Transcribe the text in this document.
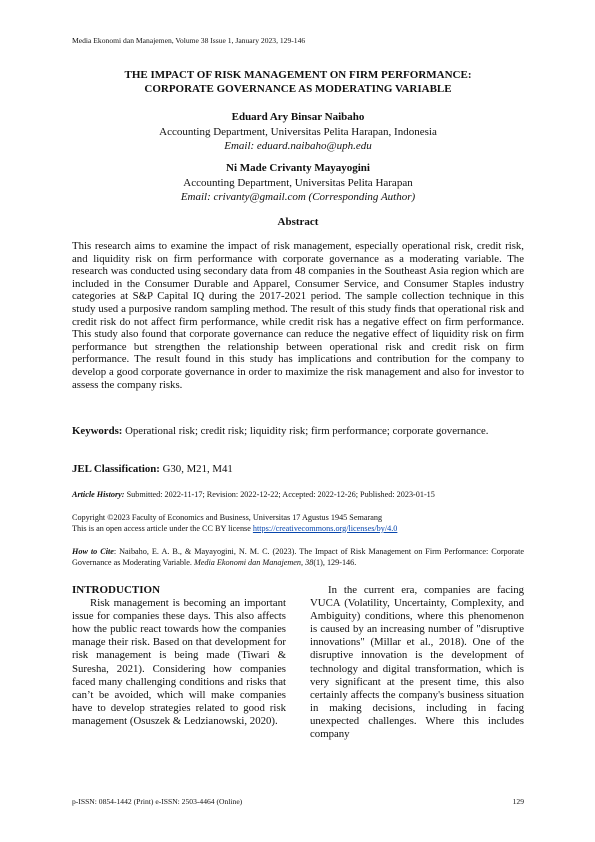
Media Ekonomi dan Manajemen, Volume 38 Issue 1, January 2023, 129-146
THE IMPACT OF RISK MANAGEMENT ON FIRM PERFORMANCE:
CORPORATE GOVERNANCE AS MODERATING VARIABLE
Eduard Ary Binsar Naibaho
Accounting Department, Universitas Pelita Harapan, Indonesia
Email: eduard.naibaho@uph.edu
Ni Made Crivanty Mayayogini
Accounting Department, Universitas Pelita Harapan
Email: crivanty@gmail.com (Corresponding Author)
Abstract
This research aims to examine the impact of risk management, especially operational risk, credit risk, and liquidity risk on firm performance with corporate governance as a moderating variable. The research was conducted using secondary data from 48 companies in the Southeast Asia region which are included in the Consumer Durable and Apparel, Consumer Service, and Consumer Staples industry categories at S&P Capital IQ during the 2017-2021 period. The sample collection technique in this study used a purposive random sampling method. The result of this study finds that operational risk and credit risk do not affect firm performance, while credit risk has a negative effect on firm performance. This study also found that corporate governance can reduce the negative effect of liquidity risk on firm performance but strengthen the relationship between operational risk and credit risk on firm performance. The result found in this study has implications and contribution for the company to develop a good corporate governance in order to maximize the risk management and also for investor to assess the company risks.
Keywords: Operational risk; credit risk; liquidity risk; firm performance; corporate governance.
JEL Classification: G30, M21, M41
Article History: Submitted: 2022-11-17; Revision: 2022-12-22; Accepted: 2022-12-26; Published: 2023-01-15
Copyright ©2023 Faculty of Economics and Business, Universitas 17 Agustus 1945 Semarang
This is an open access article under the CC BY license https://creativecommons.org/licenses/by/4.0
How to Cite: Naibaho, E. A. B., & Mayayogini, N. M. C. (2023). The Impact of Risk Management on Firm Performance: Corporate Governance as Moderating Variable. Media Ekonomi dan Manajemen, 38(1), 129-146.
INTRODUCTION

Risk management is becoming an important issue for companies these days. This also affects how the public react towards how the companies manage their risk. Based on that development for risk management is being made (Tiwari & Suresha, 2021). Considering how companies faced many challenging conditions and risks that can’t be avoided, which will make companies have to develop strategies related to good risk management (Osuszek & Ledzianowski, 2020).

In the current era, companies are facing VUCA (Volatility, Uncertainty, Complexity, and Ambiguity) conditions, where this phenomenon is caused by an increasing number of "disruptive innovations" (Millar et al., 2018). One of the disruptive innovation is the development of technology and digital transformation, which is very significant at the present time, this also certainly affects the company's business situation in making decisions, including in facing unexpected challenges. Where this includes company

p-ISSN: 0854-1442 (Print) e-ISSN: 2503-4464 (Online)	129
